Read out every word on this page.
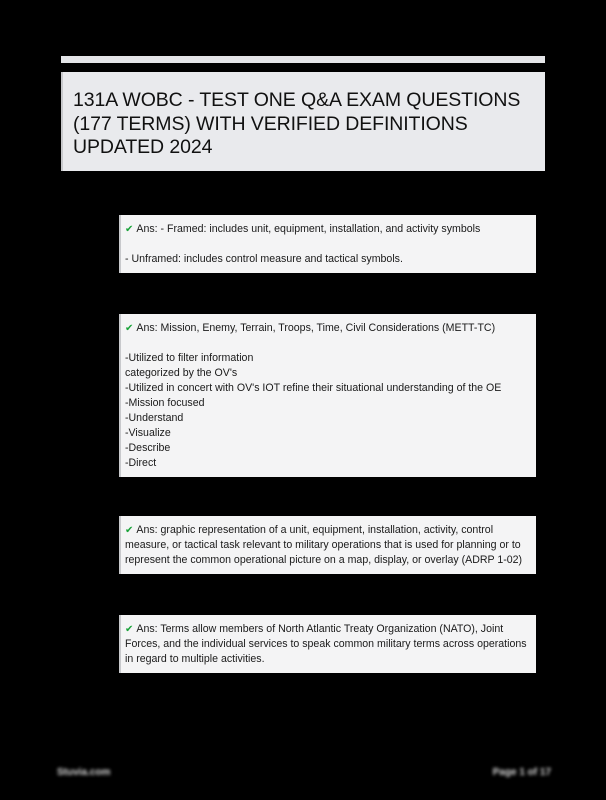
131A WOBC - TEST ONE Q&A EXAM QUESTIONS (177 TERMS) WITH VERIFIED DEFINITIONS UPDATED 2024

✔ Ans: - Framed: includes unit, equipment, installation, and activity symbols

- Unframed: includes control measure and tactical symbols.

✔ Ans: Mission, Enemy, Terrain, Troops, Time, Civil Considerations (METT-TC)

-Utilized to filter information

categorized by the OV's

-Utilized in concert with OV's IOT refine their situational understanding of the OE

-Mission focused

-Understand

-Visualize

-Describe

-Direct

✔ Ans: graphic representation of a unit, equipment, installation, activity, control measure, or tactical task relevant to military operations that is used for planning or to represent the common operational picture on a map, display, or overlay (ADRP 1-02)

✔ Ans: Terms allow members of North Atlantic Treaty Organization (NATO), Joint Forces, and the individual services to speak common military terms across operations in regard to multiple activities.

Stuvia.com	Page 1 of 17
